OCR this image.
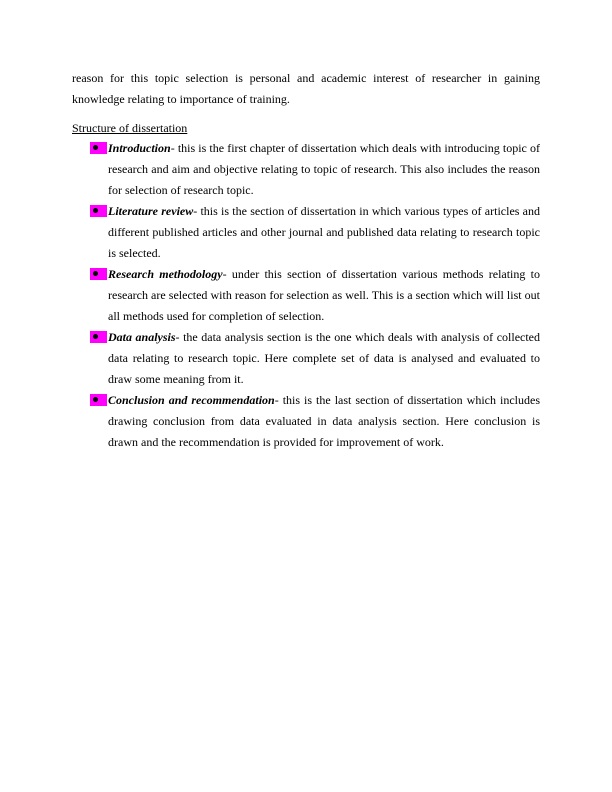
reason for this topic selection is personal and academic interest of researcher in gaining knowledge relating to importance of training.

Structure of dissertation

Introduction- this is the first chapter of dissertation which deals with introducing topic of research and aim and objective relating to topic of research. This also includes the reason for selection of research topic.
Literature review- this is the section of dissertation in which various types of articles and different published articles and other journal and published data relating to research topic is selected.
Research methodology- under this section of dissertation various methods relating to research are selected with reason for selection as well. This is a section which will list out all methods used for completion of selection.
Data analysis- the data analysis section is the one which deals with analysis of collected data relating to research topic. Here complete set of data is analysed and evaluated to draw some meaning from it.
Conclusion and recommendation- this is the last section of dissertation which includes drawing conclusion from data evaluated in data analysis section. Here conclusion is drawn and the recommendation is provided for improvement of work.
